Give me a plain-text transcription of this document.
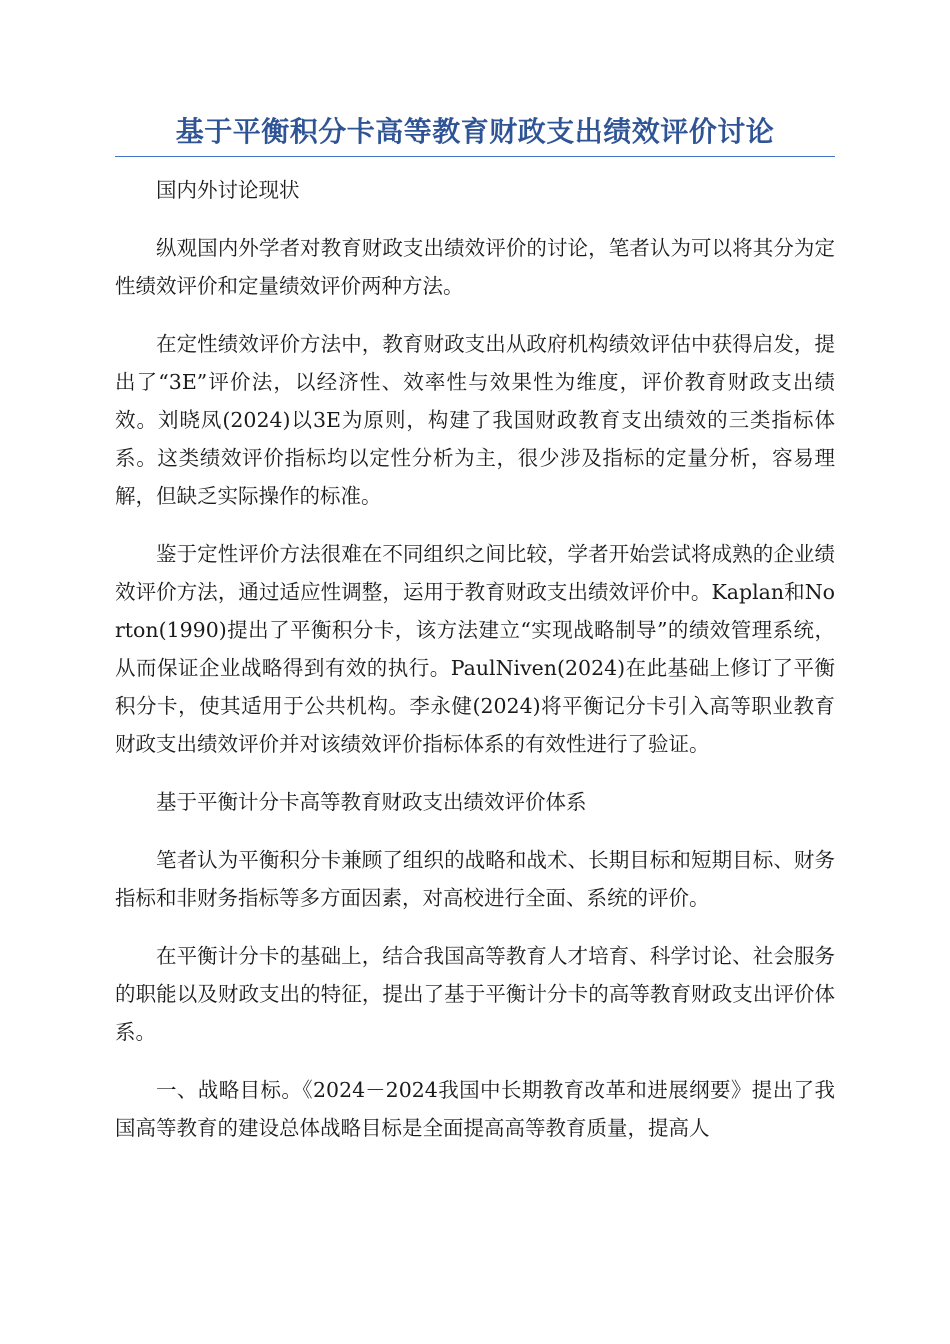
基于平衡积分卡高等教育财政支出绩效评价讨论

国内外讨论现状

纵观国内外学者对教育财政支出绩效评价的讨论，笔者认为可以将其分为定性绩效评价和定量绩效评价两种方法。

在定性绩效评价方法中，教育财政支出从政府机构绩效评估中获得启发，提出了“3E”评价法，以经济性、效率性与效果性为维度，评价教育财政支出绩效。刘晓凤(2024)以3E为原则，构建了我国财政教育支出绩效的三类指标体系。这类绩效评价指标均以定性分析为主，很少涉及指标的定量分析，容易理解，但缺乏实际操作的标准。

鉴于定性评价方法很难在不同组织之间比较，学者开始尝试将成熟的企业绩效评价方法，通过适应性调整，运用于教育财政支出绩效评价中。Kaplan和Norton(1990)提出了平衡积分卡，该方法建立“实现战略制导”的绩效管理系统，从而保证企业战略得到有效的执行。PaulNiven(2024)在此基础上修订了平衡积分卡，使其适用于公共机构。李永健(2024)将平衡记分卡引入高等职业教育财政支出绩效评价并对该绩效评价指标体系的有效性进行了验证。

基于平衡计分卡高等教育财政支出绩效评价体系

笔者认为平衡积分卡兼顾了组织的战略和战术、长期目标和短期目标、财务指标和非财务指标等多方面因素，对高校进行全面、系统的评价。

在平衡计分卡的基础上，结合我国高等教育人才培育、科学讨论、社会服务的职能以及财政支出的特征，提出了基于平衡计分卡的高等教育财政支出评价体系。

一、战略目标。《2024－2024我国中长期教育改革和进展纲要》提出了我国高等教育的建设总体战略目标是全面提高高等教育质量，提高人
